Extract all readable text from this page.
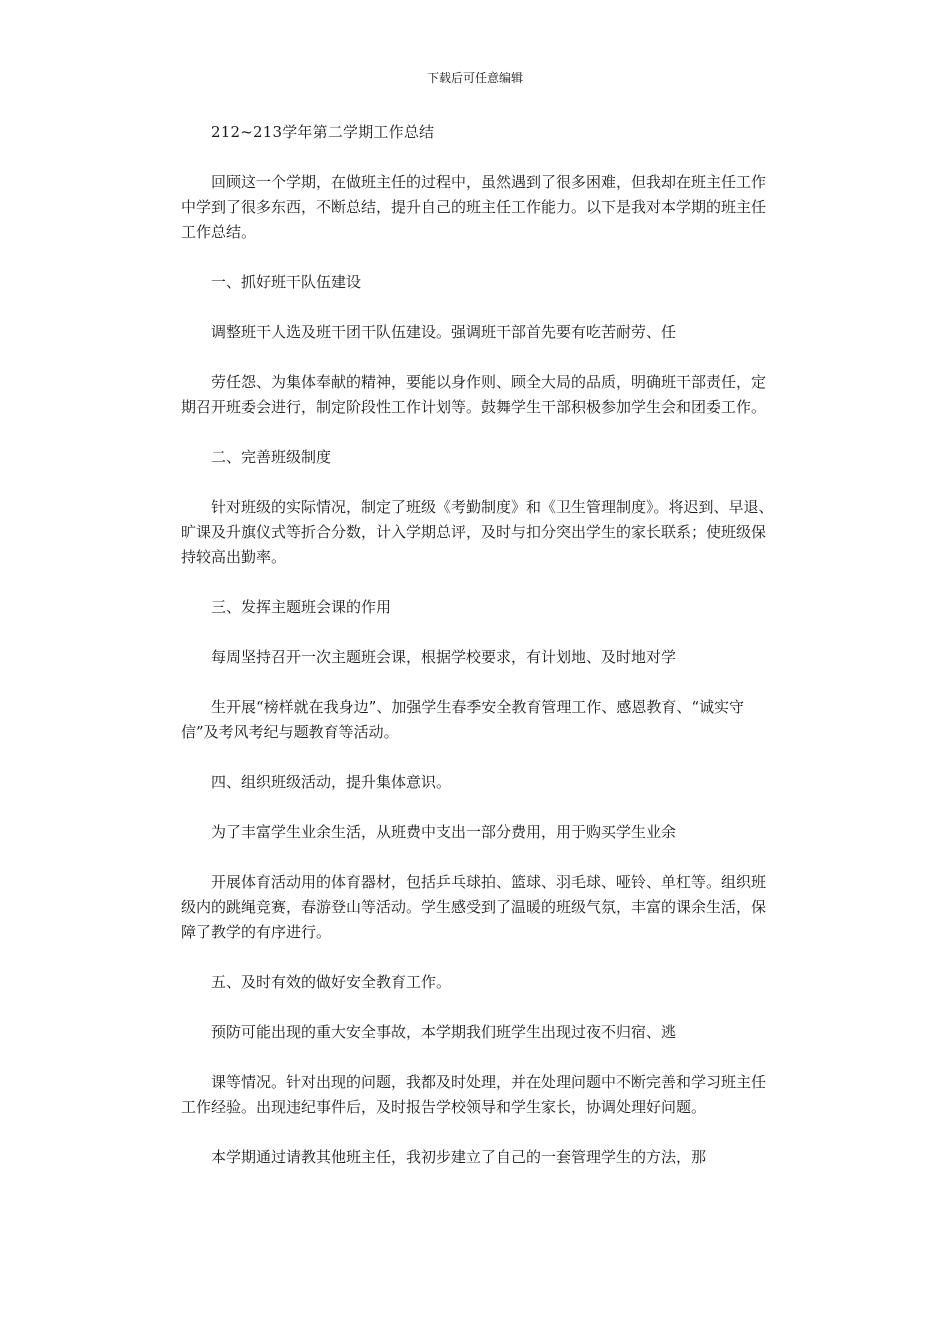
下载后可任意编辑

212~213学年第二学期工作总结

回顾这一个学期，在做班主任的过程中，虽然遇到了很多困难，但我却在班主任工作中学到了很多东西，不断总结，提升自己的班主任工作能力。以下是我对本学期的班主任工作总结。

一、抓好班干队伍建设

调整班干人选及班干团干队伍建设。强调班干部首先要有吃苦耐劳、任

劳任怨、为集体奉献的精神，要能以身作则、顾全大局的品质，明确班干部责任，定期召开班委会进行，制定阶段性工作计划等。鼓舞学生干部积极参加学生会和团委工作。

二、完善班级制度

针对班级的实际情况，制定了班级《考勤制度》和《卫生管理制度》。将迟到、早退、旷课及升旗仪式等折合分数，计入学期总评，及时与扣分突出学生的家长联系；使班级保持较高出勤率。

三、发挥主题班会课的作用

每周坚持召开一次主题班会课，根据学校要求，有计划地、及时地对学

生开展“榜样就在我身边”、加强学生春季安全教育管理工作、感恩教育、“诚实守信”及考风考纪与题教育等活动。

四、组织班级活动，提升集体意识。

为了丰富学生业余生活，从班费中支出一部分费用，用于购买学生业余

开展体育活动用的体育器材，包括乒乓球拍、篮球、羽毛球、哑铃、单杠等。组织班级内的跳绳竞赛，春游登山等活动。学生感受到了温暖的班级气氛，丰富的课余生活，保障了教学的有序进行。

五、及时有效的做好安全教育工作。

预防可能出现的重大安全事故，本学期我们班学生出现过夜不归宿、逃

课等情况。针对出现的问题，我都及时处理，并在处理问题中不断完善和学习班主任工作经验。出现违纪事件后，及时报告学校领导和学生家长，协调处理好问题。

本学期通过请教其他班主任，我初步建立了自己的一套管理学生的方法，那
